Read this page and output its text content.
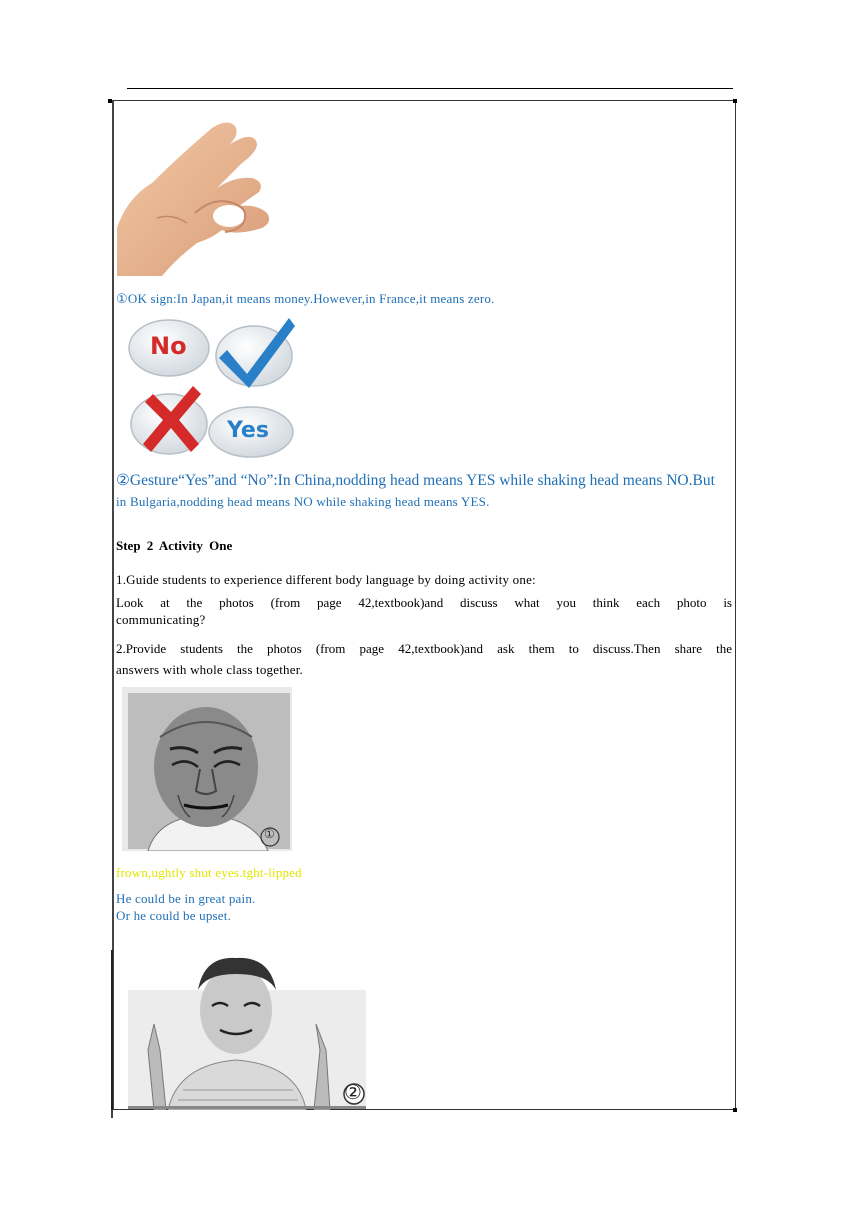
①OK sign:In Japan,it means money.However,in France,it means zero.
No
Yes
②Gesture“Yes”and “No”:In China,nodding head means YES while shaking head means NO.But
in Bulgaria,nodding head means NO while shaking head means YES.
Step 2 Activity One
1.Guide students to experience different body language by doing activity one:
Look at the photos (from page 42,textbook)and discuss what you think each photo is
communicating?
2.Provide students the photos (from page 42,textbook)and ask them to discuss.Then share the
answers with whole class together.
①
frown,ughtly shut eyes.tght-lipped
He could be in great pain.
Or he could be upset.
②
